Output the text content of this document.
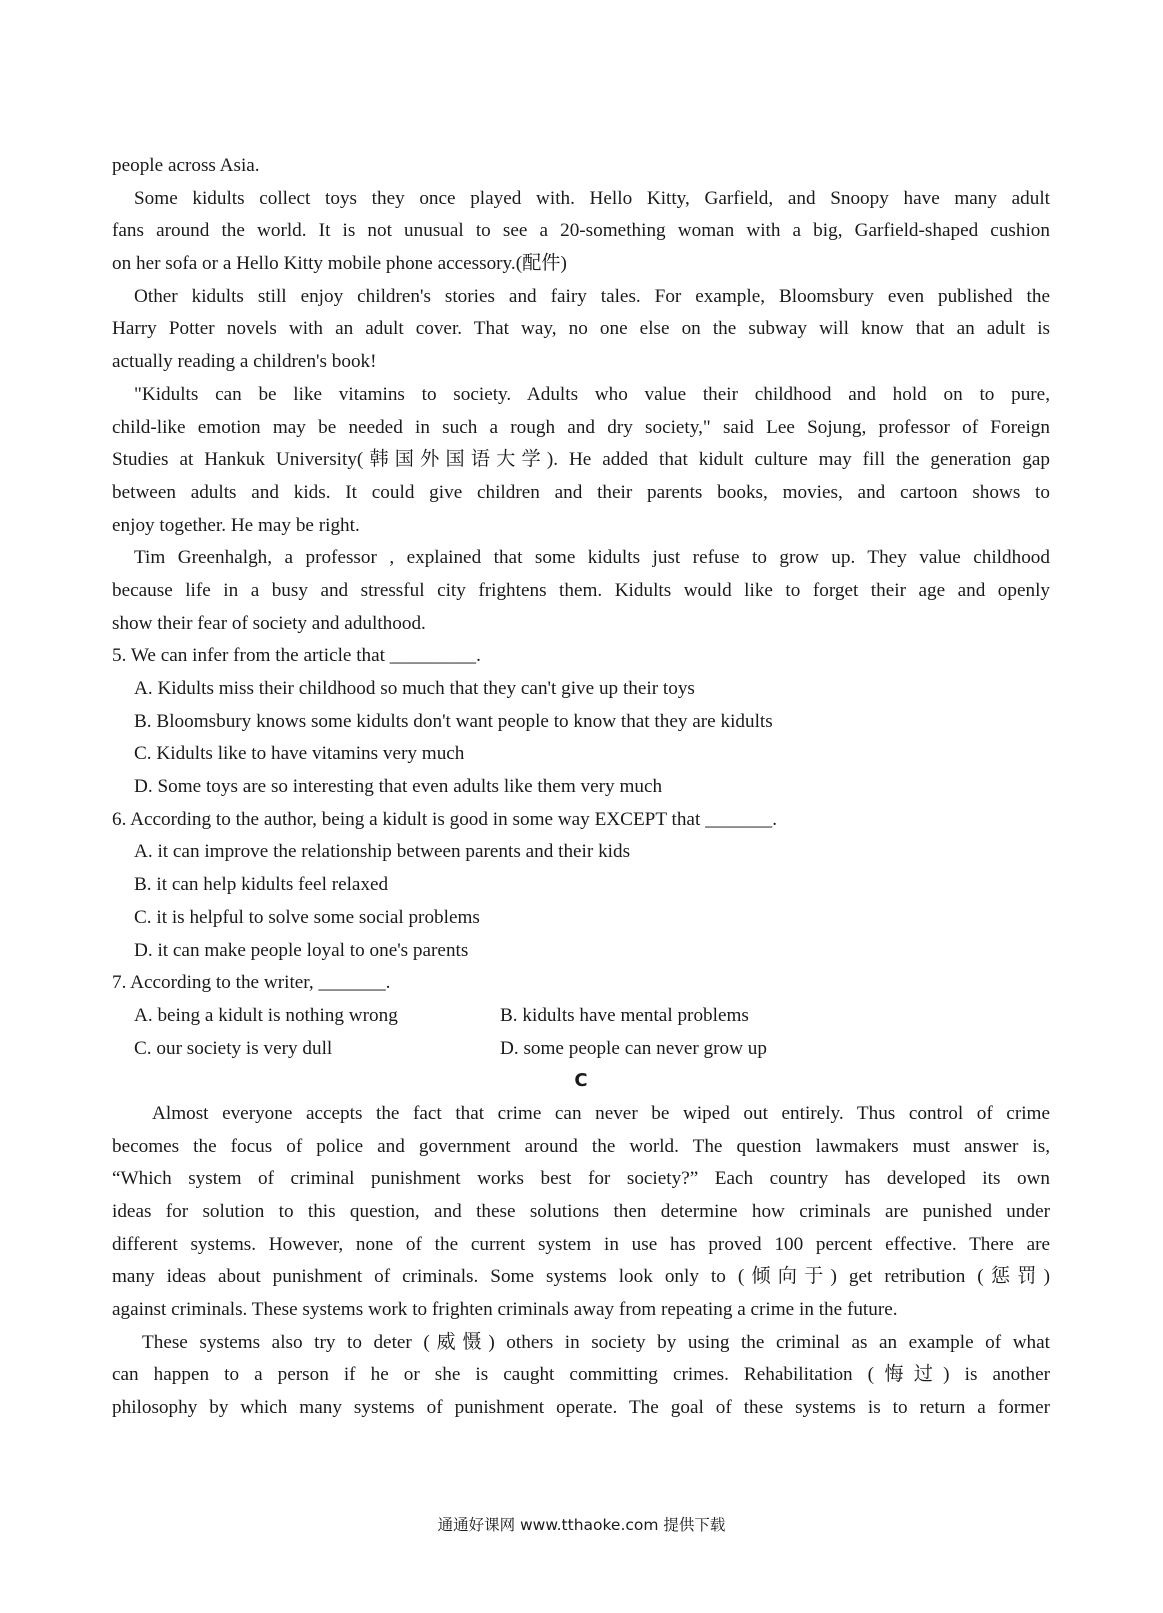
people across Asia.
Some kidults collect toys they once played with. Hello Kitty, Garfield, and Snoopy have many adult
fans around the world. It is not unusual to see a 20-something woman with a big, Garfield-shaped cushion
on her sofa or a Hello Kitty mobile phone accessory.(配件)
Other kidults still enjoy children's stories and fairy tales. For example, Bloomsbury even published the
Harry Potter novels with an adult cover. That way, no one else on the subway will know that an adult is
actually reading a children's book!
"Kidults can be like vitamins to society. Adults who value their childhood and hold on to pure,
child-like emotion may be needed in such a rough and dry society," said Lee Sojung, professor of Foreign
Studies at Hankuk University(韩国外国语大学). He added that kidult culture may fill the generation gap
between adults and kids. It could give children and their parents books, movies, and cartoon shows to
enjoy together. He may be right.
Tim Greenhalgh, a professor , explained that some kidults just refuse to grow up. They value childhood
because life in a busy and stressful city frightens them. Kidults would like to forget their age and openly
show their fear of society and adulthood.
5. We can infer from the article that _________.
A. Kidults miss their childhood so much that they can't give up their toys
B. Bloomsbury knows some kidults don't want people to know that they are kidults
C. Kidults like to have vitamins very much
D. Some toys are so interesting that even adults like them very much
6. According to the author, being a kidult is good in some way EXCEPT that _______.
A. it can improve the relationship between parents and their kids
B. it can help kidults feel relaxed
C. it is helpful to solve some social problems
D. it can make people loyal to one's parents
7. According to the writer, _______.
A. being a kidult is nothing wrong	B. kidults have mental problems
C. our society is very dull	D. some people can never grow up
C
Almost everyone accepts the fact that crime can never be wiped out entirely. Thus control of crime
becomes the focus of police and government around the world. The question lawmakers must answer is,
“Which system of criminal punishment works best for society?” Each country has developed its own
ideas for solution to this question, and these solutions then determine how criminals are punished under
different systems. However, none of the current system in use has proved 100 percent effective. There are
many ideas about punishment of criminals. Some systems look only to (倾向于) get retribution (惩罚)
against criminals. These systems work to frighten criminals away from repeating a crime in the future.
These systems also try to deter (威慑) others in society by using the criminal as an example of what
can happen to a person if he or she is caught committing crimes. Rehabilitation (悔过) is another
philosophy by which many systems of punishment operate. The goal of these systems is to return a former
通通好课网 www.tthaoke.com 提供下载
